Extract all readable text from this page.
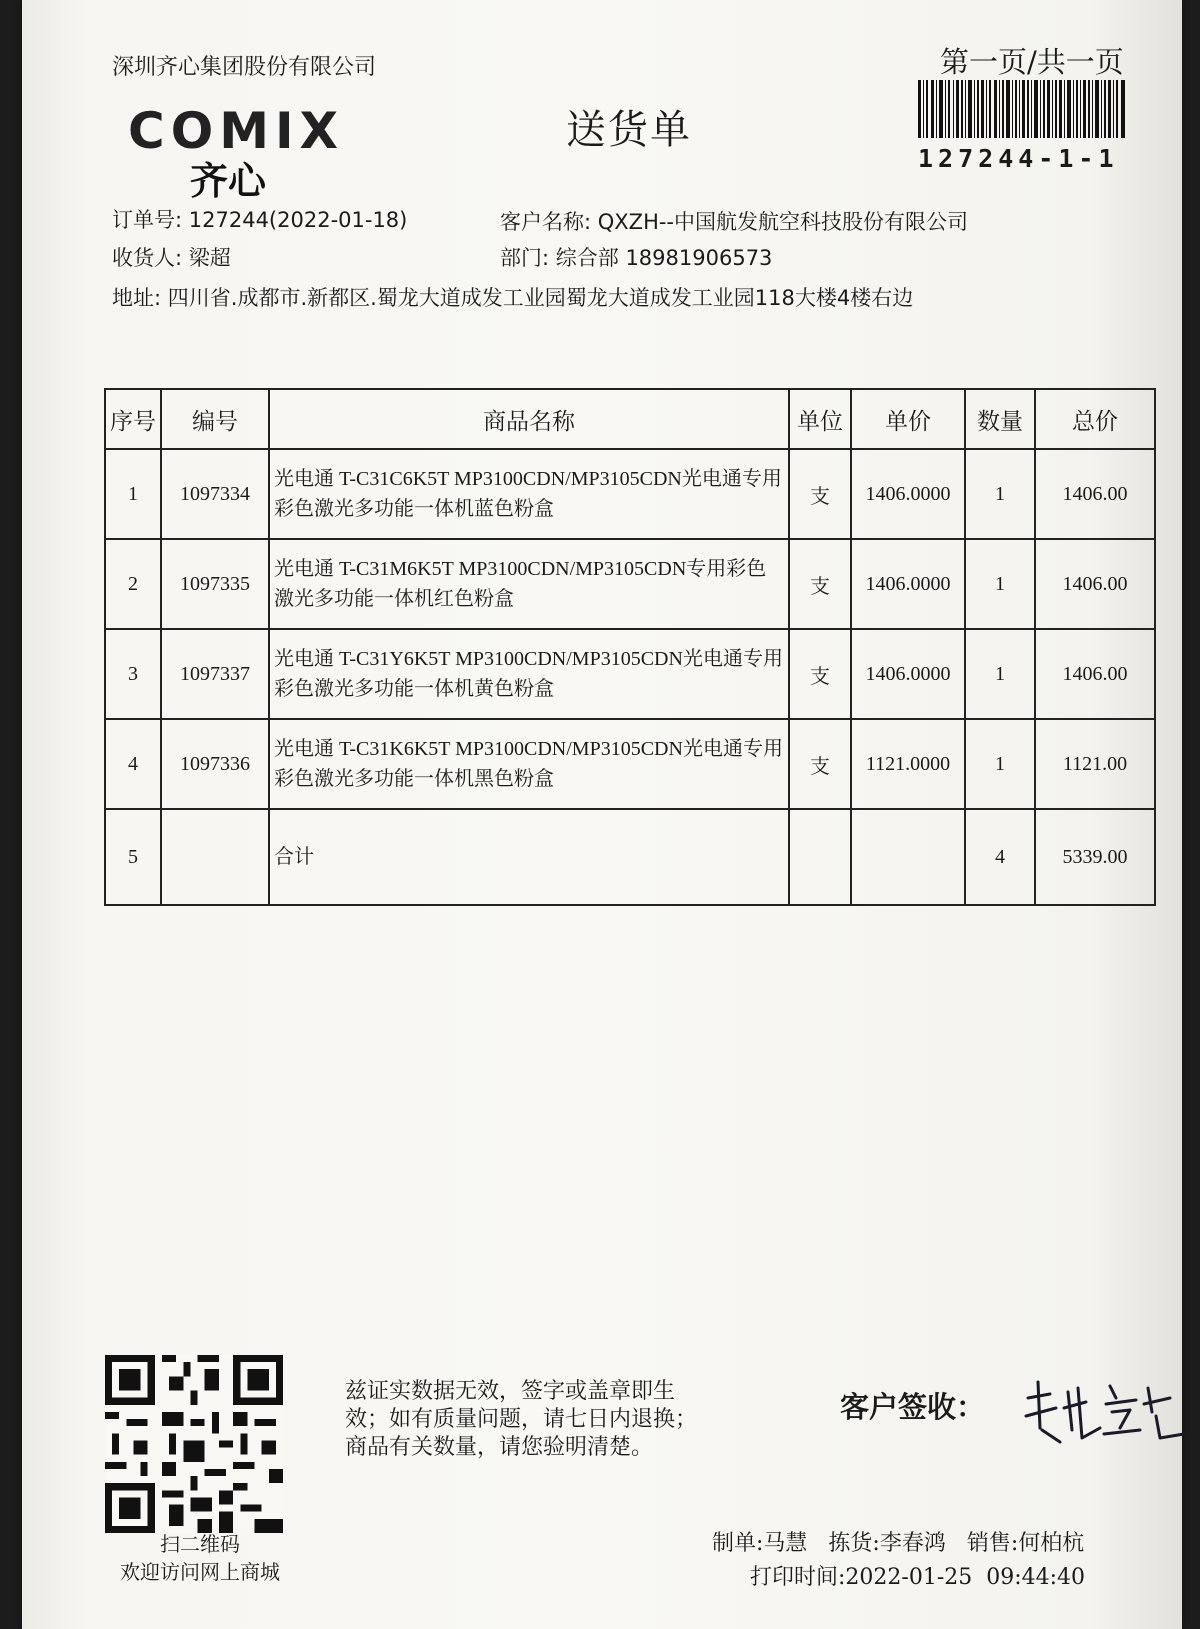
深圳齐心集团股份有限公司
COMIX
齐心
送货单
第一页/共一页
127244-1-1
订单号: 127244(2022-01-18)	客户名称: QXZH--中国航发航空科技股份有限公司
收货人: 梁超	部门: 综合部 18981906573
地址: 四川省.成都市.新都区.蜀龙大道成发工业园蜀龙大道成发工业园118大楼4楼右边
序号	编号	商品名称	单位	单价	数量	总价
1	1097334	光电通 T-C31C6K5T MP3100CDN/MP3105CDN光电通专用彩色激光多功能一体机蓝色粉盒	支	1406.0000	1	1406.00
2	1097335	光电通 T-C31M6K5T MP3100CDN/MP3105CDN专用彩色激光多功能一体机红色粉盒	支	1406.0000	1	1406.00
3	1097337	光电通 T-C31Y6K5T MP3100CDN/MP3105CDN光电通专用彩色激光多功能一体机黄色粉盒	支	1406.0000	1	1406.00
4	1097336	光电通 T-C31K6K5T MP3100CDN/MP3105CDN光电通专用彩色激光多功能一体机黑色粉盒	支	1121.0000	1	1121.00
5		合计			4	5339.00
扫二维码
欢迎访问网上商城
兹证实数据无效，签字或盖章即生
效；如有质量问题，请七日内退换；
商品有关数量，请您验明清楚。
客户签收：
制单:马慧 拣货:李春鸿 销售:何柏杭
打印时间:2022-01-25  09:44:40
